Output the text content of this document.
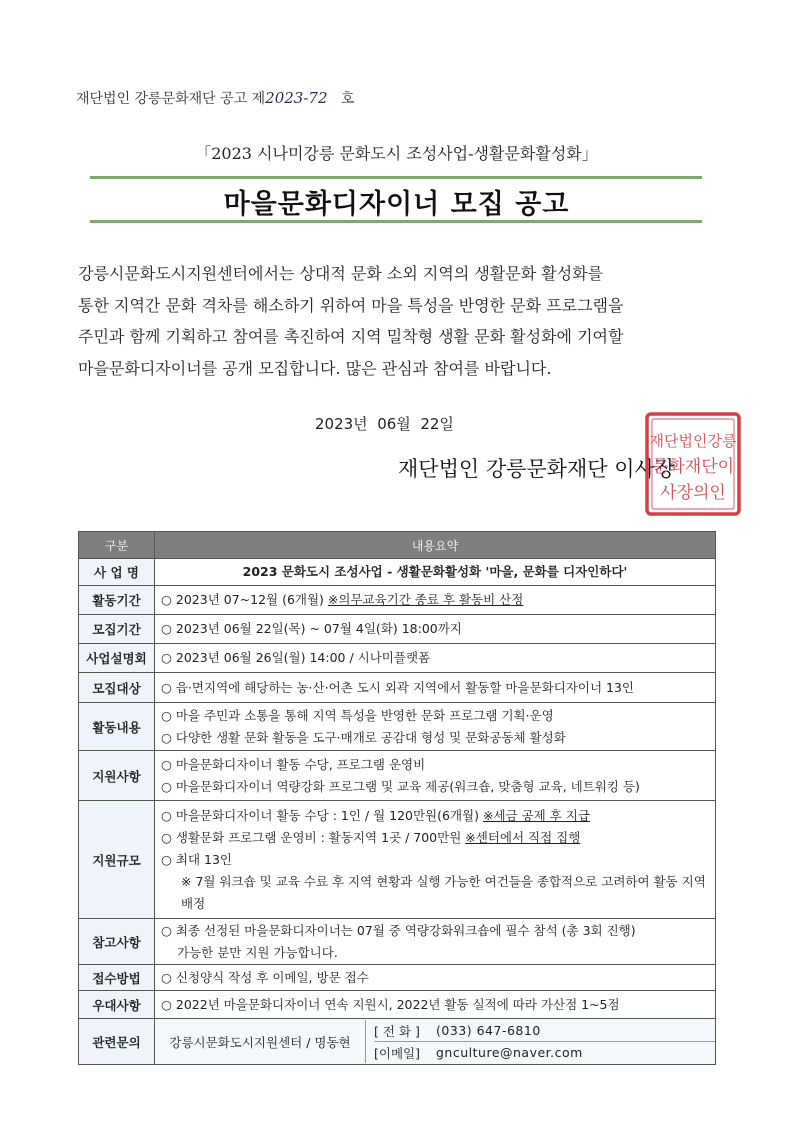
재단법인 강릉문화재단 공고 제2023-72 호
「2023 시나미강릉 문화도시 조성사업-생활문화활성화」
마을문화디자이너 모집 공고

강릉시문화도시지원센터에서는 상대적 문화 소외 지역의 생활문화 활성화를

통한 지역간 문화 격차를 해소하기 위하여 마을 특성을 반영한 문화 프로그램을

주민과 함께 기획하고 참여를 촉진하여 지역 밀착형 생활 문화 활성화에 기여할

마을문화디자이너를 공개 모집합니다. 많은 관심과 참여를 바랍니다.

2023년  06월  22일
재단법인 강릉문화재단 이사장
재단법인강릉
문화재단이
사장의인
구분	내용요약
사 업 명	2023 문화도시 조성사업 - 생활문화활성화 '마을, 문화를 디자인하다'
활동기간	○ 2023년 07~12월 (6개월) ※의무교육기간 종료 후 활동비 산정
모집기간	○ 2023년 06월 22일(목) ~ 07월 4일(화) 18:00까지
사업설명회	○ 2023년 06월 26일(월) 14:00 / 시나미플랫폼
모집대상	○ 읍·면지역에 해당하는 농·산·어촌 도시 외곽 지역에서 활동할 마을문화디자이너 13인
활동내용	○ 마을 주민과 소통을 통해 지역 특성을 반영한 문화 프로그램 기획·운영
○ 다양한 생활 문화 활동을 도구·매개로 공감대 형성 및 문화공동체 활성화

지원사항	○ 마을문화디자이너 활동 수당, 프로그램 운영비
○ 마을문화디자이너 역량강화 프로그램 및 교육 제공(워크숍, 맞춤형 교육, 네트워킹 등)

지원규모	○ 마을문화디자이너 활동 수당 : 1인 / 월 120만원(6개월) ※세금 공제 후 지급
○ 생활문화 프로그램 운영비 : 활동지역 1곳 / 700만원 ※센터에서 직접 집행
○ 최대 13인
※ 7월 워크숍 및 교육 수료 후 지역 현황과 실행 가능한 여건들을 종합적으로 고려하여 활동 지역 배정

참고사항	○ 최종 선정된 마을문화디자이너는 07월 중 역량강화워크숍에 필수 참석 (총 3회 진행)
가능한 분만 지원 가능합니다.

접수방법	○ 신청양식 작성 후 이메일, 방문 접수
우대사항	○ 2022년 마을문화디자이너 연속 지원시, 2022년 활동 실적에 따라 가산점 1~5점
관련문의	강릉시문화도시지원센터 / 명동현
[ 전 화 ] (033) 647-6810
[이메일] gnculture@naver.com
